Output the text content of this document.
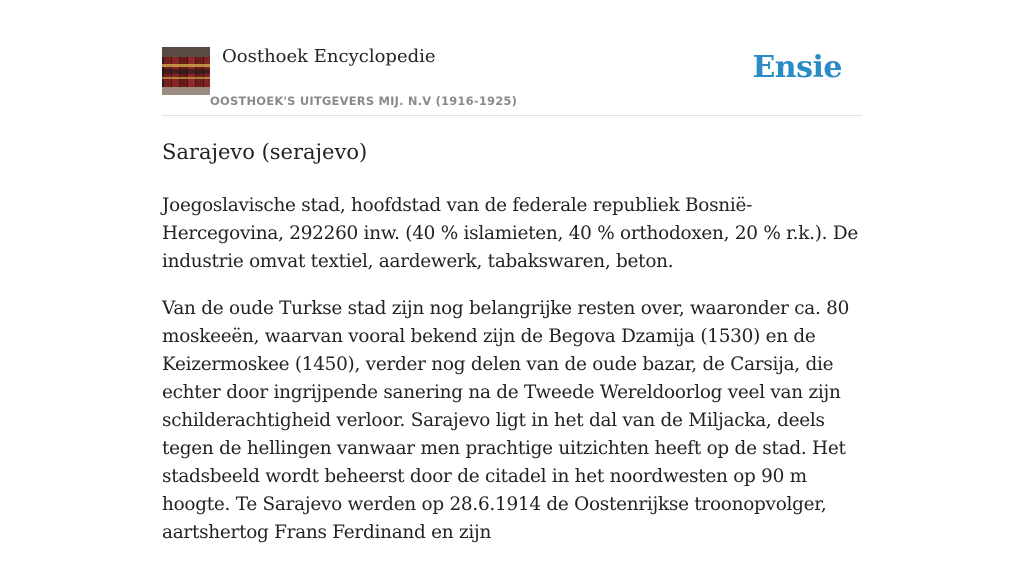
Oosthoek Encyclopedie
OOSTHOEK'S UITGEVERS MIJ. N.V (1916-1925)
Ensie
Sarajevo (serajevo)

Joegoslavische stad, hoofdstad van de federale republiek Bosnië-Hercegovina, 292260 inw. (40 % islamieten, 40 % orthodoxen, 20 % r.k.). De industrie omvat textiel, aardewerk, tabakswaren, beton.

Van de oude Turkse stad zijn nog belangrijke resten over, waaronder ca. 80 moskeeën, waarvan vooral bekend zijn de Begova Dzamija (1530) en de Keizermoskee (1450), verder nog delen van de oude bazar, de Carsija, die echter door ingrijpende sanering na de Tweede Wereldoorlog veel van zijn schilderachtigheid verloor. Sarajevo ligt in het dal van de Miljacka, deels tegen de hellingen vanwaar men prachtige uitzichten heeft op de stad. Het stadsbeeld wordt beheerst door de citadel in het noordwesten op 90 m hoogte. Te Sarajevo werden op 28.6.1914 de Oostenrijkse troonopvolger, aartshertog Frans Ferdinand en zijn
